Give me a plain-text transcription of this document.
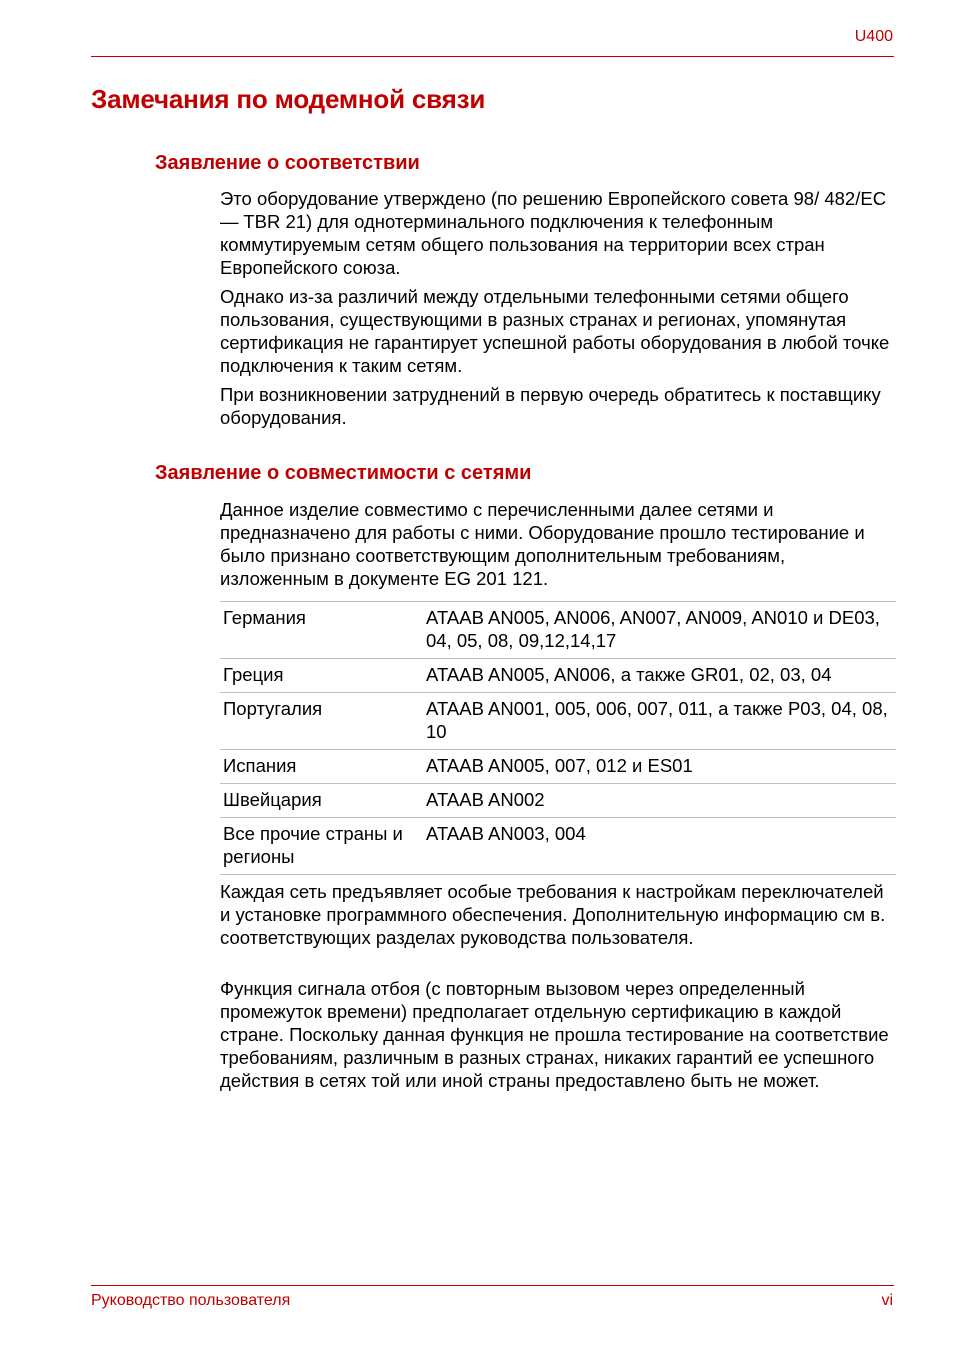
U400
Замечания по модемной связи
Заявление о соответствии

Это оборудование утверждено (по решению Европейского совета 98/ 482/EC — TBR 21) для однотерминального подключения к телефонным коммутируемым сетям общего пользования на территории всех стран Европейского союза.

Однако из-за различий между отдельными телефонными сетями общего пользования, существующими в разных странах и регионах, упомянутая сертификация не гарантирует успешной работы оборудования в любой точке подключения к таким сетям.

При возникновении затруднений в первую очередь обратитесь к поставщику оборудования.

Заявление о совместимости с сетями

Данное изделие совместимо с перечисленными далее сетями и предназначено для работы с ними. Оборудование прошло тестирование и было признано соответствующим дополнительным требованиям, изложенным в документе EG 201 121.

Германия	ATAAB AN005, AN006, AN007, AN009, AN010 и DE03, 04, 05, 08, 09,12,14,17
Греция	ATAAB AN005, AN006, а также GR01, 02, 03, 04
Португалия	ATAAB AN001, 005, 006, 007, 011, а также P03, 04, 08, 10
Испания	ATAAB AN005, 007, 012 и ES01
Швейцария	ATAAB AN002
Все прочие страны и регионы	ATAAB AN003, 004

Каждая сеть предъявляет особые требования к настройкам переключателей и установке программного обеспечения. Дополнительную информацию см в. соответствующих разделах руководства пользователя.

Функция сигнала отбоя (с повторным вызовом через определенный промежуток времени) предполагает отдельную сертификацию в каждой стране. Поскольку данная функция не прошла тестирование на соответствие требованиям, различным в разных странах, никаких гарантий ее успешного действия в сетях той или иной страны предоставлено быть не может.

Руководство пользователя	vi
